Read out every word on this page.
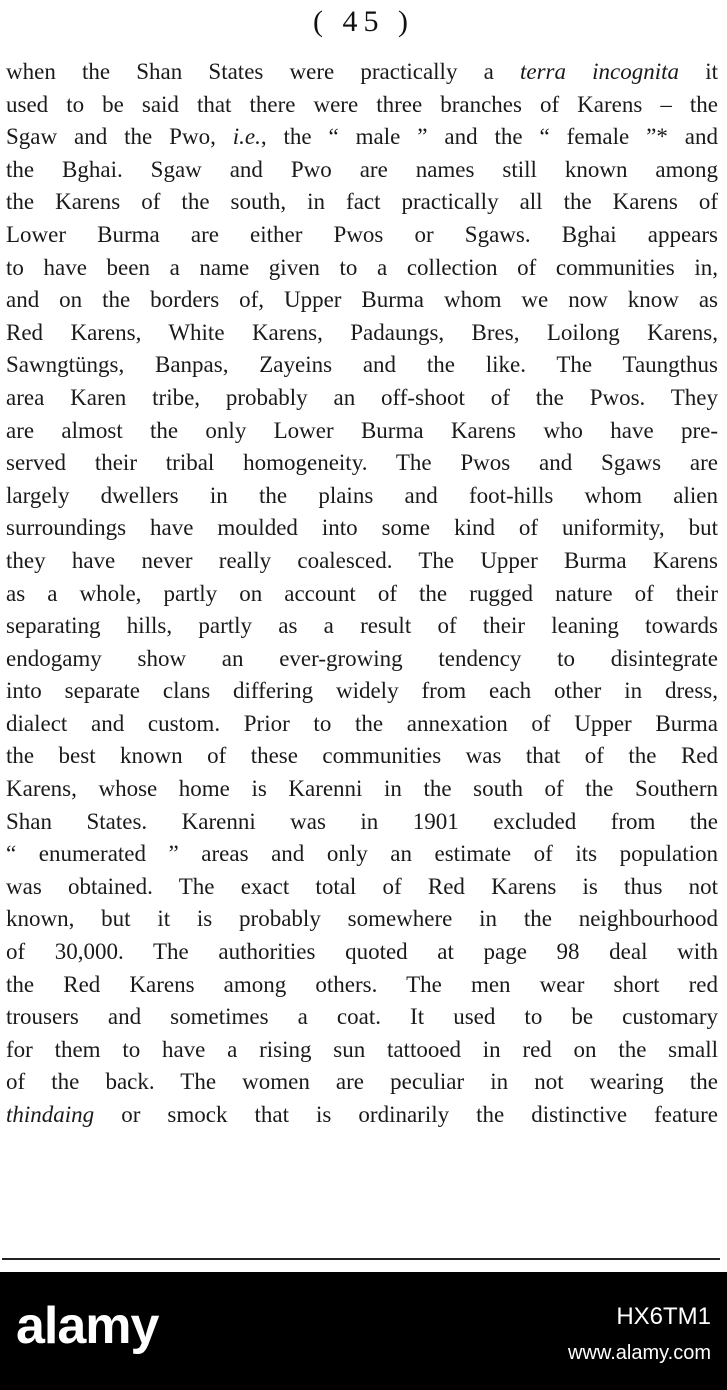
( 45 )
when the Shan States were practically a terra incognita it
used to be said that there were three branches of Karens – the
Sgaw and the Pwo, i.e., the “ male ” and the “ female ”* and
the Bghai. Sgaw and Pwo are names still known among
the Karens of the south, in fact practically all the Karens of
Lower Burma are either Pwos or Sgaws. Bghai appears
to have been a name given to a collection of communities in,
and on the borders of, Upper Burma whom we now know as
Red Karens, White Karens, Padaungs, Bres, Loilong Karens,
Sawngtüngs, Banpas, Zayeins and the like. The Taungthus
area Karen tribe, probably an off-shoot of the Pwos. They
are almost the only Lower Burma Karens who have pre-
served their tribal homogeneity. The Pwos and Sgaws are
largely dwellers in the plains and foot-hills whom alien
surroundings have moulded into some kind of uniformity, but
they have never really coalesced. The Upper Burma Karens
as a whole, partly on account of the rugged nature of their
separating hills, partly as a result of their leaning towards
endogamy show an ever-growing tendency to disintegrate
into separate clans differing widely from each other in dress,
dialect and custom. Prior to the annexation of Upper Burma
the best known of these communities was that of the Red
Karens, whose home is Karenni in the south of the Southern
Shan States. Karenni was in 1901 excluded from the
“ enumerated ” areas and only an estimate of its population
was obtained. The exact total of Red Karens is thus not
known, but it is probably somewhere in the neighbourhood
of 30,000. The authorities quoted at page 98 deal with
the Red Karens among others. The men wear short red
trousers and sometimes a coat. It used to be customary
for them to have a rising sun tattooed in red on the small
of the back. The women are peculiar in not wearing the
thindaing or smock that is ordinarily the distinctive feature
alamy	HX6TM1
www.alamy.com
